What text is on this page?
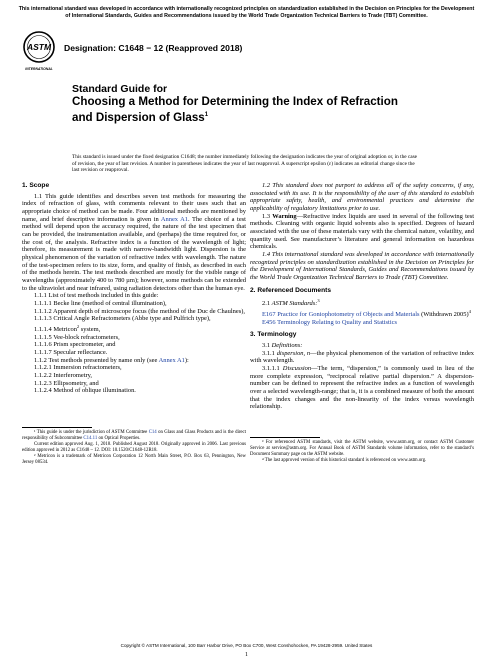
This international standard was developed in accordance with internationally recognized principles on standardization established in the Decision on Principles for the Development of International Standards, Guides and Recommendations issued by the World Trade Organization Technical Barriers to Trade (TBT) Committee.
ASTM
INTERNATIONAL
Designation: C1648 − 12 (Reapproved 2018)
Standard Guide for
Choosing a Method for Determining the Index of Refraction
and Dispersion of Glass$^1$
This standard is issued under the fixed designation C1648; the number immediately following the designation indicates the year of original adoption or, in the case of revision, the year of last revision. A number in parentheses indicates the year of last reapproval. A superscript epsilon (ε) indicates an editorial change since the last revision or reapproval.
1. Scope

1.1 This guide identifies and describes seven test methods for measuring the index of refraction of glass, with comments relevant to their uses such that an appropriate choice of method can be made. Four additional methods are mentioned by name, and brief descriptive information is given in Annex A1. The choice of a test method will depend upon the accuracy required, the nature of the test specimen that can be provided, the instrumentation available, and (perhaps) the time required for, or the cost of, the analysis. Refractive index is a function of the wavelength of light; therefore, its measurement is made with narrow-bandwidth light. Dispersion is the physical phenomenon of the variation of refractive index with wavelength. The nature of the test-specimen refers to its size, form, and quality of finish, as described in each of the methods herein. The test methods described are mostly for the visible range of wavelengths (approximately 400 to 780 µm); however, some methods can be extended to the ultraviolet and near infrared, using radiation detectors other than the human eye.

1.1.1 List of test methods included in this guide:

1.1.1.1 Becke line (method of central illumination),

1.1.1.2 Apparent depth of microscope focus (the method of the Duc de Chaulnes),

1.1.1.3 Critical Angle Refractometers (Abbe type and Pulfrich type),

1.1.1.4 Metricon$^2$ system,

1.1.1.5 Vee-block refractometers,

1.1.1.6 Prism spectrometer, and

1.1.1.7 Specular reflectance.

1.1.2 Test methods presented by name only (see Annex A1):

1.1.2.1 Immersion refractometers,

1.1.2.2 Interferometry,

1.1.2.3 Ellipsometry, and

1.1.2.4 Method of oblique illumination.

¹ This guide is under the jurisdiction of ASTM Committee C14 on Glass and Glass Products and is the direct responsibility of Subcommittee C14.11 on Optical Properties.

Current edition approved Aug. 1, 2018. Published August 2018. Originally approved in 2006. Last previous edition approved in 2012 as C1648 – 12. DOI: 10.1520/C1648-12R18.

² Metricon is a trademark of Metricon Corporation 12 North Main Street, P.O. Box 63, Pennington, New Jersey 08534.

1.2 This standard does not purport to address all of the safety concerns, if any, associated with its use. It is the responsibility of the user of this standard to establish appropriate safety, health, and environmental practices and determine the applicability of regulatory limitations prior to use.

1.3 Warning—Refractive index liquids are used in several of the following test methods. Cleaning with organic liquid solvents also is specified. Degrees of hazard associated with the use of these materials vary with the chemical nature, volatility, and quantity used. See manufacturer’s literature and general information on hazardous chemicals.

1.4 This international standard was developed in accordance with internationally recognized principles on standardization established in the Decision on Principles for the Development of International Standards, Guides and Recommendations issued by the World Trade Organization Technical Barriers to Trade (TBT) Committee.

2. Referenced Documents

2.1 ASTM Standards:$^3$

E167 Practice for Goniophotometry of Objects and Materials (Withdrawn 2005)$^4$

E456 Terminology Relating to Quality and Statistics

3. Terminology

3.1 Definitions:

3.1.1 dispersion, n—the physical phenomenon of the variation of refractive index with wavelength.

3.1.1.1 Discussion—The term, “dispersion,” is commonly used in lieu of the more complete expression, “reciprocal relative partial dispersion.” A dispersion-number can be defined to represent the refractive index as a function of wavelength over a selected wavelength-range; that is, it is a combined measure of both the amount that the index changes and the non-linearity of the index versus wavelength relationship.

³ For referenced ASTM standards, visit the ASTM website, www.astm.org, or contact ASTM Customer Service at service@astm.org. For Annual Book of ASTM Standards volume information, refer to the standard’s Document Summary page on the ASTM website.

⁴ The last approved version of this historical standard is referenced on www.astm.org.

Copyright © ASTM International, 100 Barr Harbor Drive, PO Box C700, West Conshohocken, PA 19428-2959. United States
1
